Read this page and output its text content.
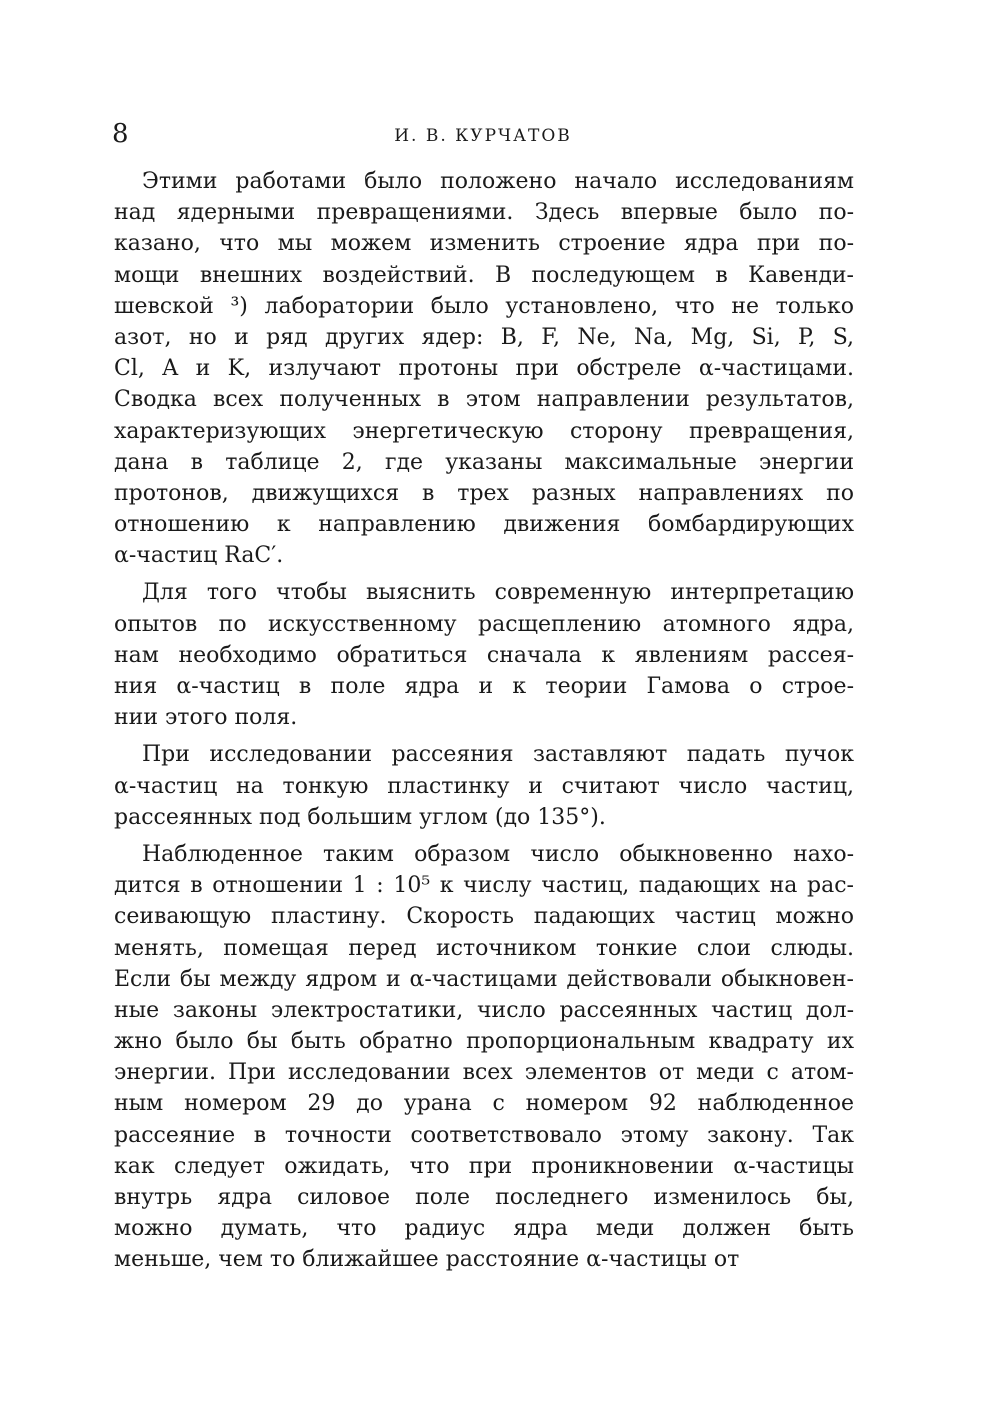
8	И. В. КУРЧАТОВ
Этими работами было положено начало исследованиям
над ядерными превращениями. Здесь впервые было по-
казано, что мы можем изменить строение ядра при по-
мощи внешних воздействий. В последующем в Кавенди-
шевской ³) лаборатории было установлено, что не только
азот, но и ряд других ядер: B, F, Ne, Na, Mg, Si, P, S,
Cl, A и K, излучают протоны при обстреле α-частицами.
Сводка всех полученных в этом направлении результатов,
характеризующих энергетическую сторону превращения,
дана в таблице 2, где указаны максимальные энергии
протонов, движущихся в трех разных направлениях по
отношению к направлению движения бомбардирующих
α-частиц RaC′.
Для того чтобы выяснить современную интерпретацию
опытов по искусственному расщеплению атомного ядра,
нам необходимо обратиться сначала к явлениям рассея-
ния α-частиц в поле ядра и к теории Гамова о строе-
нии этого поля.
При исследовании рассеяния заставляют падать пучок
α-частиц на тонкую пластинку и считают число частиц,
рассеянных под большим углом (до 135°).
Наблюденное таким образом число обыкновенно нахо-
дится в отношении 1 : 10⁵ к числу частиц, падающих на рас-
сеивающую пластину. Скорость падающих частиц можно
менять, помещая перед источником тонкие слои слюды.
Если бы между ядром и α-частицами действовали обыкновен-
ные законы электростатики, число рассеянных частиц дол-
жно было бы быть обратно пропорциональным квадрату их
энергии. При исследовании всех элементов от меди с атом-
ным номером 29 до урана с номером 92 наблюденное
рассеяние в точности соответствовало этому закону. Так
как следует ожидать, что при проникновении α-частицы
внутрь ядра силовое поле последнего изменилось бы,
можно думать, что радиус ядра меди должен быть
меньше, чем то ближайшее расстояние α-частицы от
